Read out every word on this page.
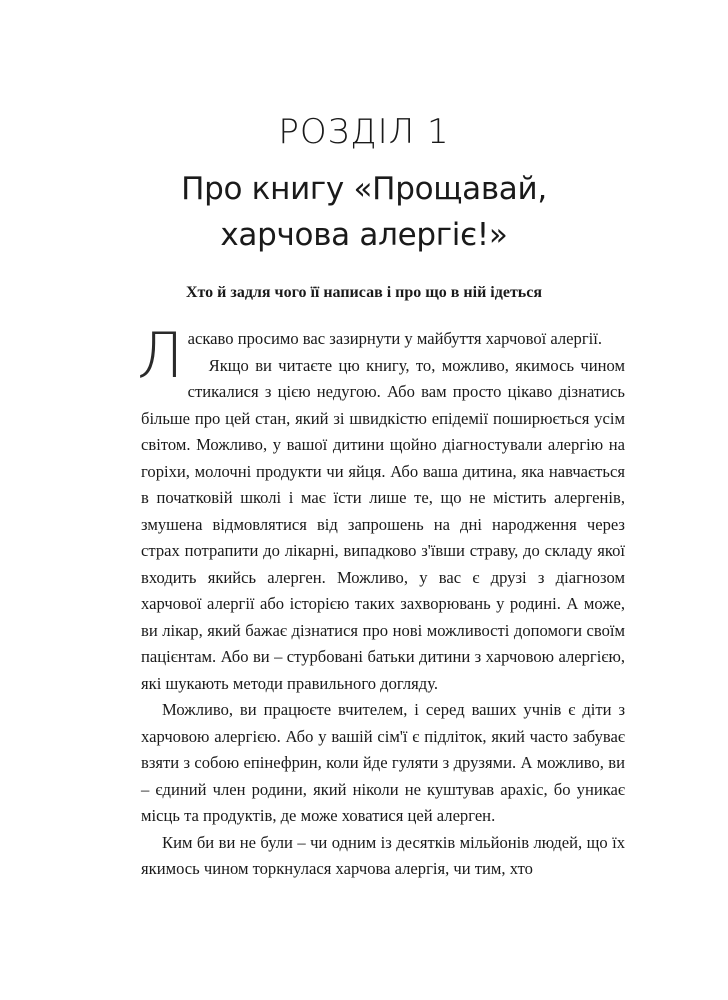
РОЗДІЛ 1
Про книгу «Прощавай,
харчова алергіє!»
Хто й задля чого її написав і про що в ній ідеться

Ласкаво просимо вас зазирнути у майбуття харчової алергії.

Якщо ви читаєте цю книгу, то, можливо, якимось чином стикалися з цією недугою. Або вам просто цікаво дізнатись більше про цей стан, який зі швидкістю епідемії поширюється усім світом. Можливо, у вашої дитини щойно діагностували алергію на горіхи, молочні продукти чи яйця. Або ваша дитина, яка навчається в початковій школі і має їсти лише те, що не містить алергенів, змушена відмовлятися від запрошень на дні народження через страх потрапити до лікарні, випадково з'ївши страву, до складу якої входить якийсь алерген. Можливо, у вас є друзі з діагнозом харчової алергії або історією таких захворювань у родині. А може, ви лікар, який бажає дізнатися про нові можливості допомоги своїм пацієнтам. Або ви – стурбовані батьки дитини з харчовою алергією, які шукають методи правильного догляду.

Можливо, ви працюєте вчителем, і серед ваших учнів є діти з харчовою алергією. Або у вашій сім'ї є підліток, який часто забуває взяти з собою епінефрин, коли йде гуляти з друзями. А можливо, ви – єдиний член родини, який ніколи не куштував арахіс, бо уникає місць та продуктів, де може ховатися цей алерген.

Ким би ви не були – чи одним із десятків мільйонів людей, що їх якимось чином торкнулася харчова алергія, чи тим, хто
